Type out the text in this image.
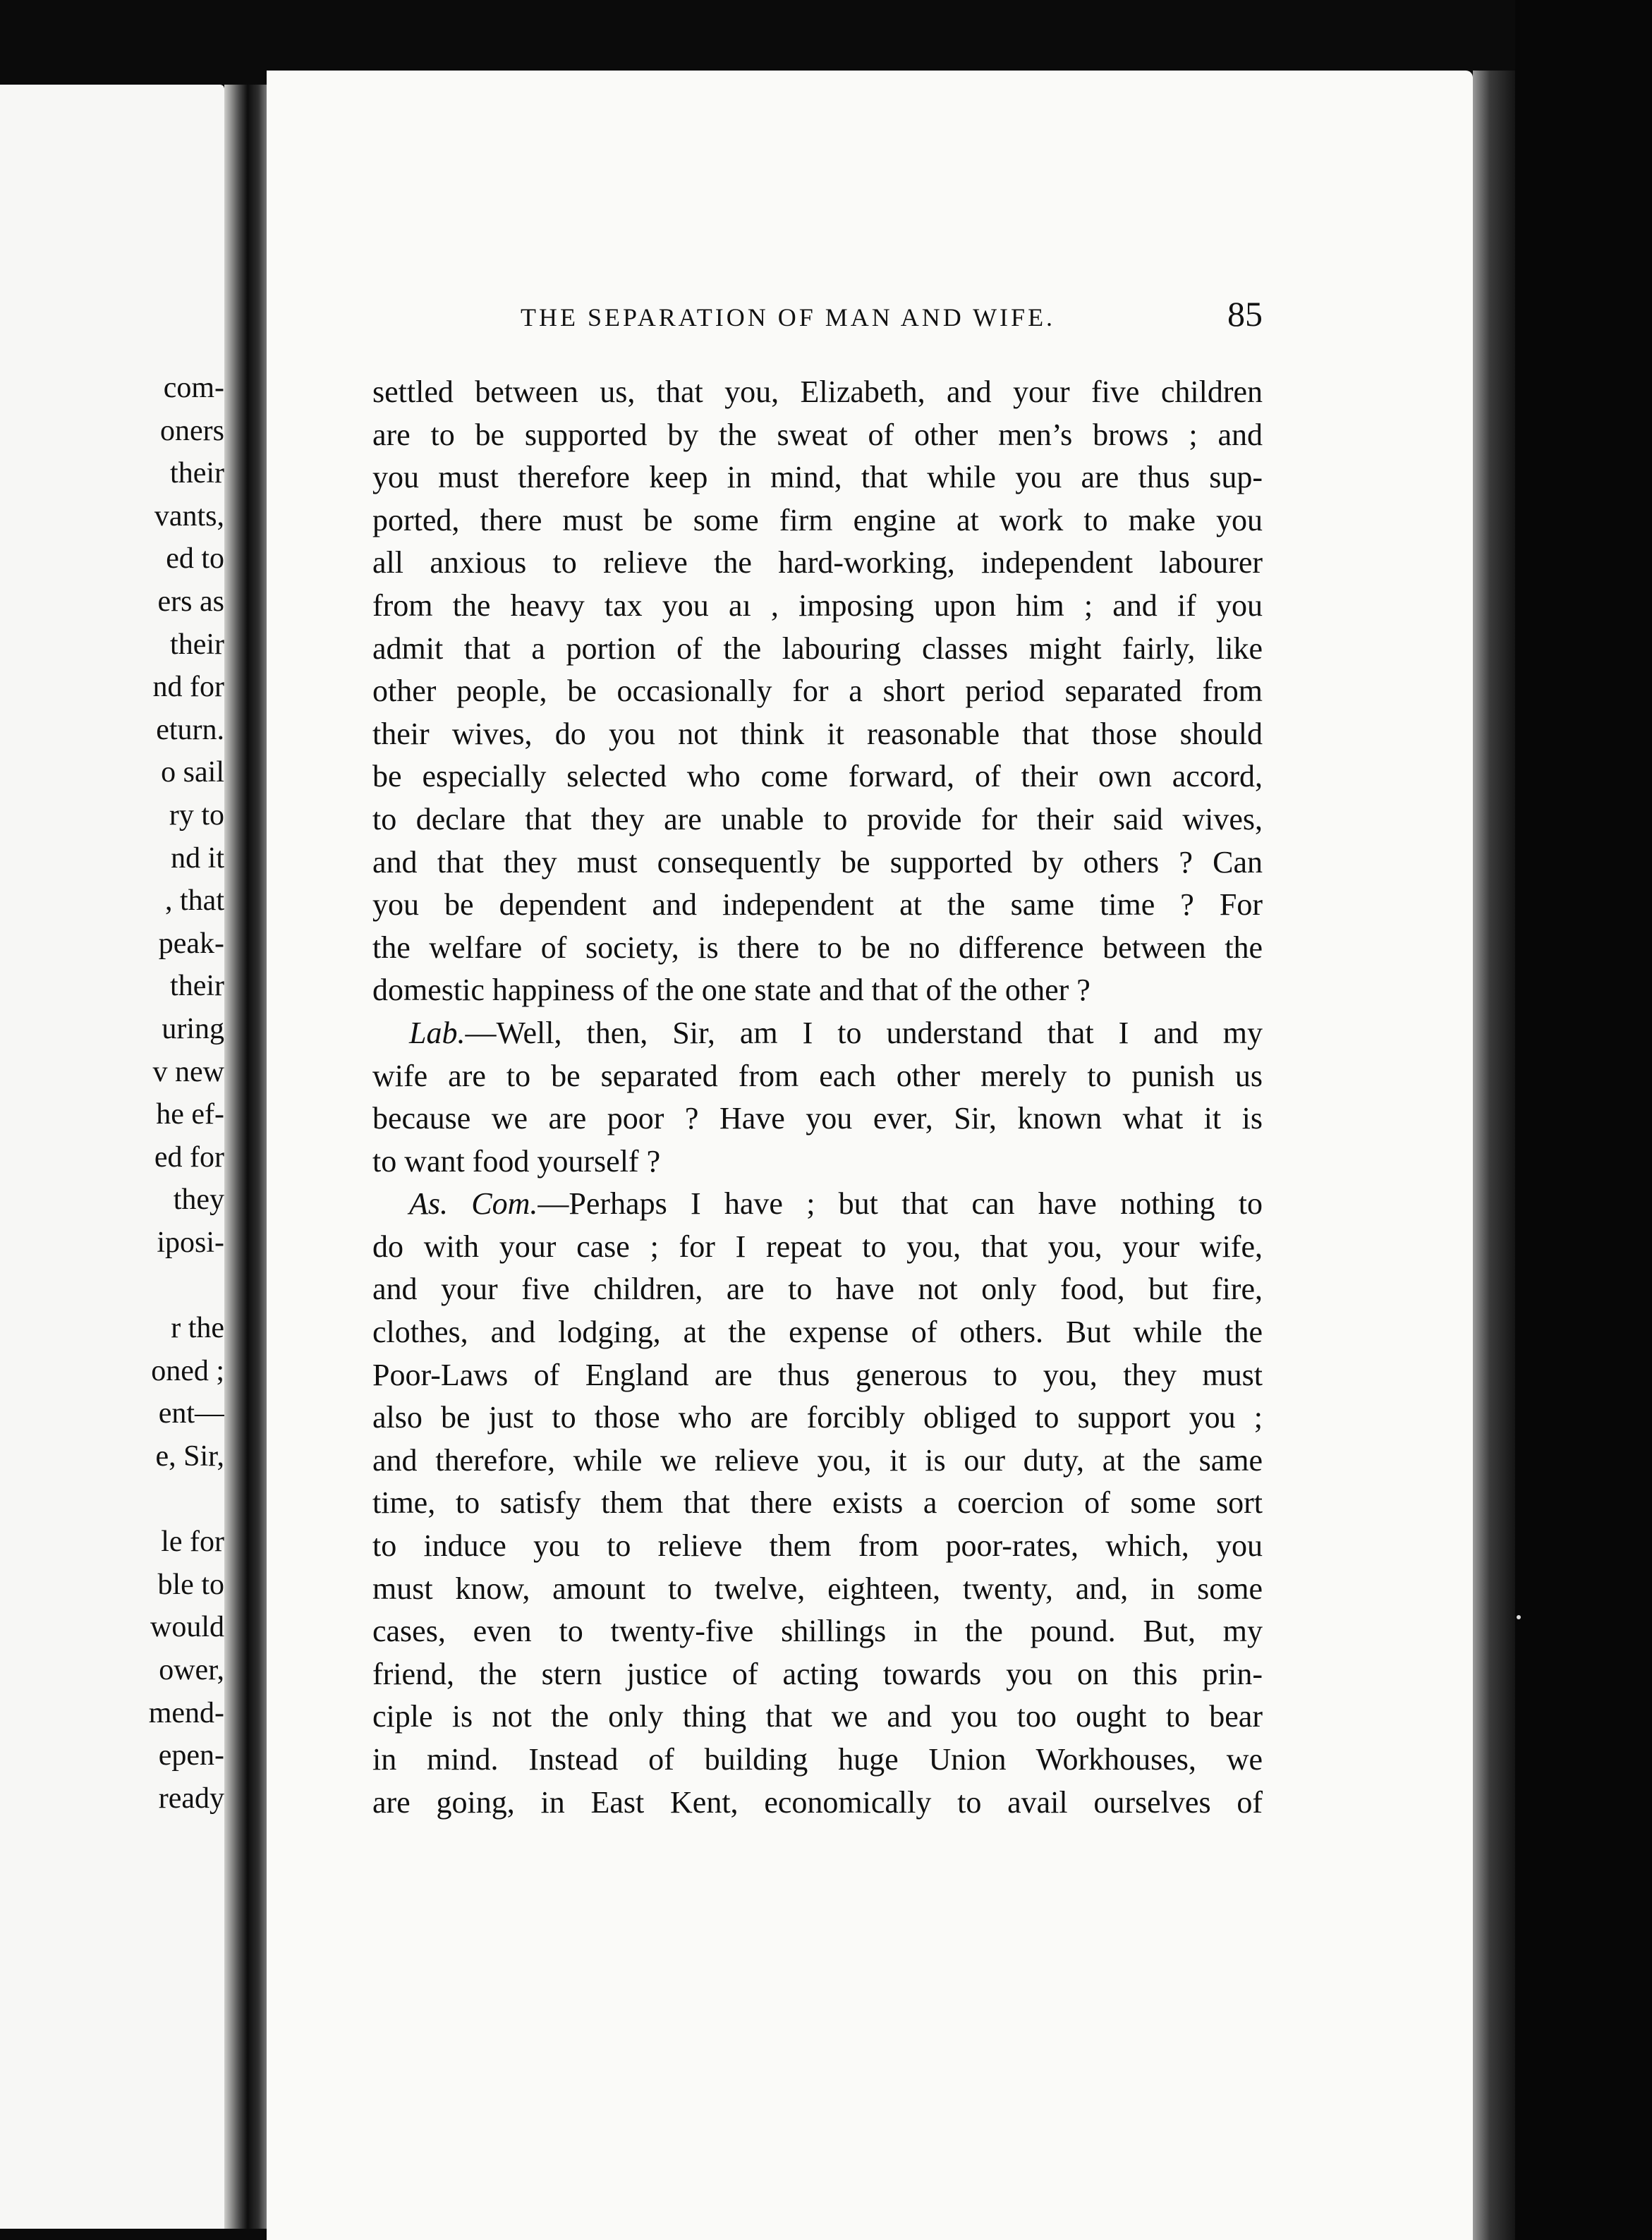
com-
oners
their
vants,
ed to
ers as
their
nd for
eturn.
o sail
ry to
nd it
, that
peak-
their
uring
v new
he ef-
ed for
they
iposi-
r the
oned ;
ent—
e, Sir,
le for
ble to
would
ower,
mend-
epen-
ready
THE SEPARATION OF MAN AND WIFE.	85
settled between us, that you, Elizabeth, and your five children
are to be supported by the sweat of other men’s brows ; and
you must therefore keep in mind, that while you are thus sup-
ported, there must be some firm engine at work to make you
all anxious to relieve the hard-working, independent labourer
from the heavy tax you aı , imposing upon him ; and if you
admit that a portion of the labouring classes might fairly, like
other people, be occasionally for a short period separated from
their wives, do you not think it reasonable that those should
be especially selected who come forward, of their own accord,
to declare that they are unable to provide for their said wives,
and that they must consequently be supported by others ? Can
you be dependent and independent at the same time ? For
the welfare of society, is there to be no difference between the
domestic happiness of the one state and that of the other ?
Lab.—Well, then, Sir, am I to understand that I and my
wife are to be separated from each other merely to punish us
because we are poor ? Have you ever, Sir, known what it is
to want food yourself ?
As. Com.—Perhaps I have ; but that can have nothing to
do with your case ; for I repeat to you, that you, your wife,
and your five children, are to have not only food, but fire,
clothes, and lodging, at the expense of others. But while the
Poor-Laws of England are thus generous to you, they must
also be just to those who are forcibly obliged to support you ;
and therefore, while we relieve you, it is our duty, at the same
time, to satisfy them that there exists a coercion of some sort
to induce you to relieve them from poor-rates, which, you
must know, amount to twelve, eighteen, twenty, and, in some
cases, even to twenty-five shillings in the pound. But, my
friend, the stern justice of acting towards you on this prin-
ciple is not the only thing that we and you too ought to bear
in mind. Instead of building huge Union Workhouses, we
are going, in East Kent, economically to avail ourselves of
